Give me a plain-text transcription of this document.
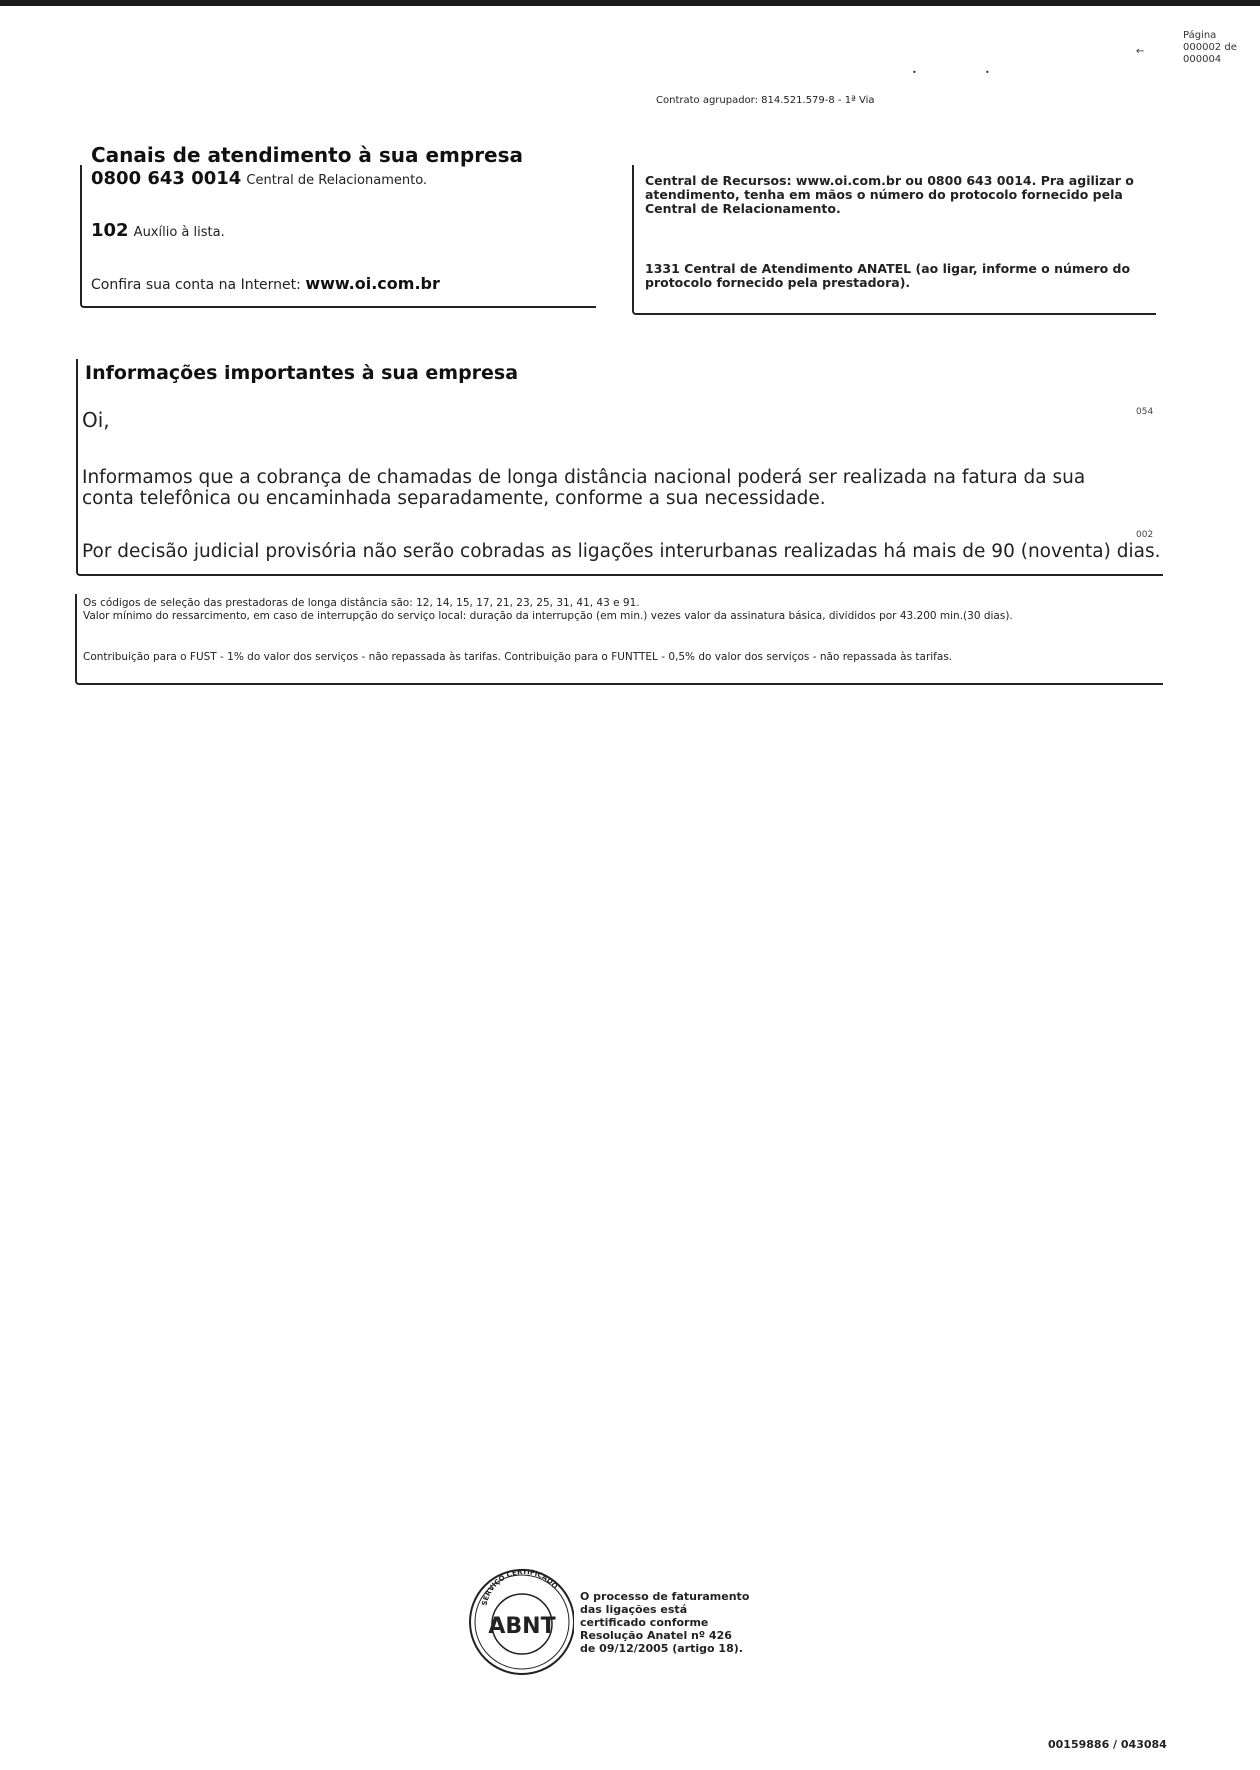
Página
000002 de
000004
←
•	•
Contrato agrupador: 814.521.579-8 - 1ª Via
Canais de atendimento à sua empresa
0800 643 0014 Central de Relacionamento.
102 Auxílio à lista.
Confira sua conta na Internet: www.oi.com.br
Central de Recursos: www.oi.com.br ou 0800 643 0014. Pra agilizar o atendimento, tenha em mãos o número do protocolo fornecido pela Central de Relacionamento.
1331 Central de Atendimento ANATEL (ao ligar, informe o número do protocolo fornecido pela prestadora).
Informações importantes à sua empresa
Oi,	054
Informamos que a cobrança de chamadas de longa distância nacional poderá ser realizada na fatura da sua conta telefônica ou encaminhada separadamente, conforme a sua necessidade.
002
Por decisão judicial provisória não serão cobradas as ligações interurbanas realizadas há mais de 90 (noventa) dias.
Os códigos de seleção das prestadoras de longa distância são: 12, 14, 15, 17, 21, 23, 25, 31, 41, 43 e 91.
Valor mínimo do ressarcimento, em caso de interrupção do serviço local: duração da interrupção (em min.) vezes valor da assinatura básica, divididos por 43.200 min.(30 dias).
Contribuição para o FUST - 1% do valor dos serviços - não repassada às tarifas. Contribuição para o FUNTTEL - 0,5% do valor dos serviços - não repassada às tarifas.
SERVIÇO CERTIFICADO
ABNT
O processo de faturamento das ligações está certificado conforme Resolução Anatel nº 426 de 09/12/2005 (artigo 18).
00159886 / 043084
